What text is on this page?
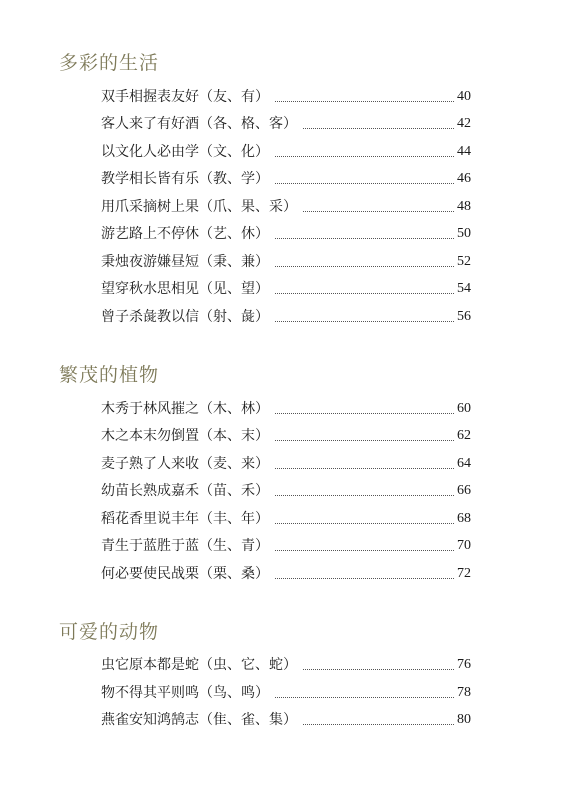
多彩的生活
双手相握表友好（友、有）	40
客人来了有好酒（各、格、客）	42
以文化人必由学（文、化）	44
教学相长皆有乐（教、学）	46
用爪采摘树上果（爪、果、采）	48
游艺路上不停休（艺、休）	50
秉烛夜游嫌昼短（秉、兼）	52
望穿秋水思相见（见、望）	54
曾子杀彘教以信（射、彘）	56
繁茂的植物
木秀于林风摧之（木、林）	60
木之本末勿倒置（本、末）	62
麦子熟了人来收（麦、来）	64
幼苗长熟成嘉禾（苗、禾）	66
稻花香里说丰年（丰、年）	68
青生于蓝胜于蓝（生、青）	70
何必要使民战栗（栗、桑）	72
可爱的动物
虫它原本都是蛇（虫、它、蛇）	76
物不得其平则鸣（鸟、鸣）	78
燕雀安知鸿鹄志（隹、雀、集）	80
